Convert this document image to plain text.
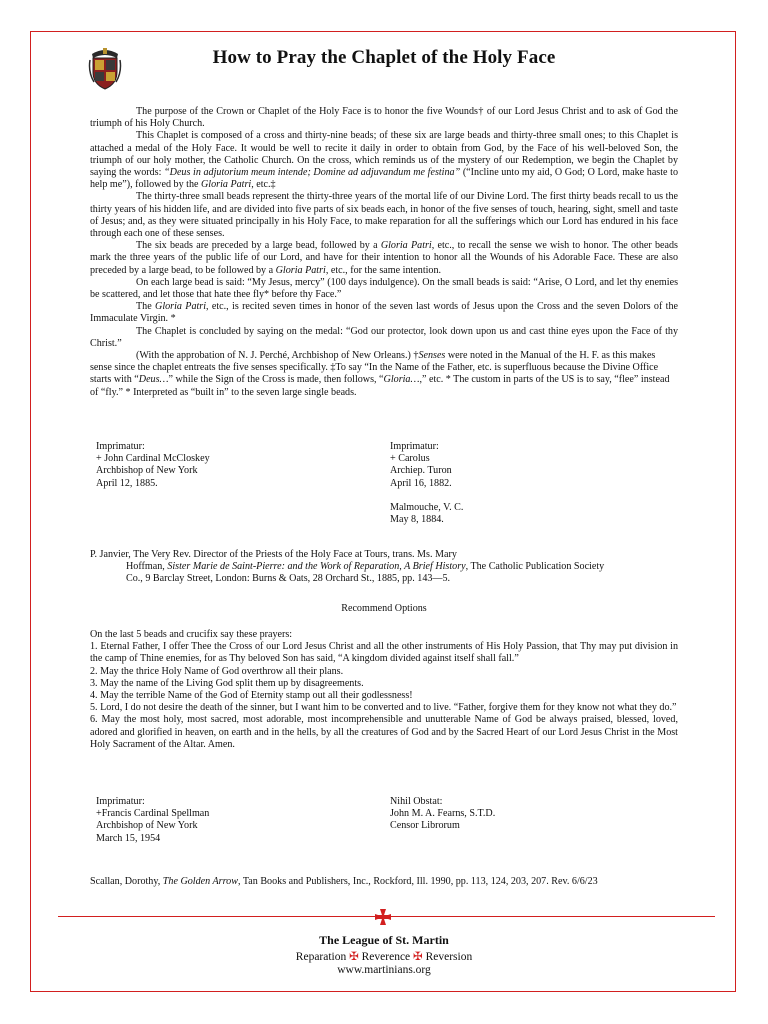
How to Pray the Chaplet of the Holy Face

The purpose of the Crown or Chaplet of the Holy Face is to honor the five Wounds† of our Lord Jesus Christ and to ask of God the triumph of his Holy Church.

This Chaplet is composed of a cross and thirty-nine beads; of these six are large beads and thirty-three small ones; to this Chaplet is attached a medal of the Holy Face. It would be well to recite it daily in order to obtain from God, by the Face of his well-beloved Son, the triumph of our holy mother, the Catholic Church. On the cross, which reminds us of the mystery of our Redemption, we begin the Chaplet by saying the words: “Deus in adjutorium meum intende; Domine ad adjuvandum me festina” (“Incline unto my aid, O God; O Lord, make haste to help me”), followed by the Gloria Patri, etc.‡

The thirty-three small beads represent the thirty-three years of the mortal life of our Divine Lord. The first thirty beads recall to us the thirty years of his hidden life, and are divided into five parts of six beads each, in honor of the five senses of touch, hearing, sight, smell and taste of Jesus; and, as they were situated principally in his Holy Face, to make reparation for all the sufferings which our Lord has endured in his face through each one of these senses.

The six beads are preceded by a large bead, followed by a Gloria Patri, etc., to recall the sense we wish to honor. The other beads mark the three years of the public life of our Lord, and have for their intention to honor all the Wounds of his Adorable Face. These are also preceded by a large bead, to be followed by a Gloria Patri, etc., for the same intention.

On each large bead is said: “My Jesus, mercy” (100 days indulgence). On the small beads is said: “Arise, O Lord, and let thy enemies be scattered, and let those that hate thee fly* before thy Face.”

The Gloria Patri, etc., is recited seven times in honor of the seven last words of Jesus upon the Cross and the seven Dolors of the Immaculate Virgin. *

The Chaplet is concluded by saying on the medal: “God our protector, look down upon us and cast thine eyes upon the Face of thy Christ.”

(With the approbation of N. J. Perché, Archbishop of New Orleans.) †Senses were noted in the Manual of the H. F. as this makes sense since the chaplet entreats the five senses specifically. ‡To say “In the Name of the Father, etc. is superfluous because the Divine Office starts with “Deus…” while the Sign of the Cross is made, then follows, “Gloria…,” etc. * The custom in parts of the US is to say, “flee” instead of “fly.” * Interpreted as “built in” to the seven large single beads.

Imprimatur:
+ John Cardinal McCloskey
Archbishop of New York
April 12, 1885.
Imprimatur:
+ Carolus
Archiep. Turon
April 16, 1882.
Malmouche, V. C.
May 8, 1884.
P. Janvier, The Very Rev. Director of the Priests of the Holy Face at Tours, trans. Ms. Mary
Hoffman, Sister Marie de Saint-Pierre: and the Work of Reparation, A Brief History, The Catholic Publication Society
Co., 9 Barclay Street, London: Burns & Oats, 28 Orchard St., 1885, pp. 143—5.
Recommend Options
On the last 5 beads and crucifix say these prayers:
1. Eternal Father, I offer Thee the Cross of our Lord Jesus Christ and all the other instruments of His Holy Passion, that Thy may put division in the camp of Thine enemies, for as Thy beloved Son has said, “A kingdom divided against itself shall fall.”
2. May the thrice Holy Name of God overthrow all their plans.
3. May the name of the Living God split them up by disagreements.
4. May the terrible Name of the God of Eternity stamp out all their godlessness!
5. Lord, I do not desire the death of the sinner, but I want him to be converted and to live. “Father, forgive them for they know not what they do.”
6. May the most holy, most sacred, most adorable, most incomprehensible and unutterable Name of God be always praised, blessed, loved, adored and glorified in heaven, on earth and in the hells, by all the creatures of God and by the Sacred Heart of our Lord Jesus Christ in the Most Holy Sacrament of the Altar. Amen.
Imprimatur:
+Francis Cardinal Spellman
Archbishop of New York
March 15, 1954
Nihil Obstat:
John M. A. Fearns, S.T.D.
Censor Librorum
Scallan, Dorothy, The Golden Arrow, Tan Books and Publishers, Inc., Rockford, Ill. 1990, pp. 113, 124, 203, 207. Rev. 6/6/23
The League of St. Martin
Reparation ✠ Reverence ✠ Reversion
www.martinians.org
